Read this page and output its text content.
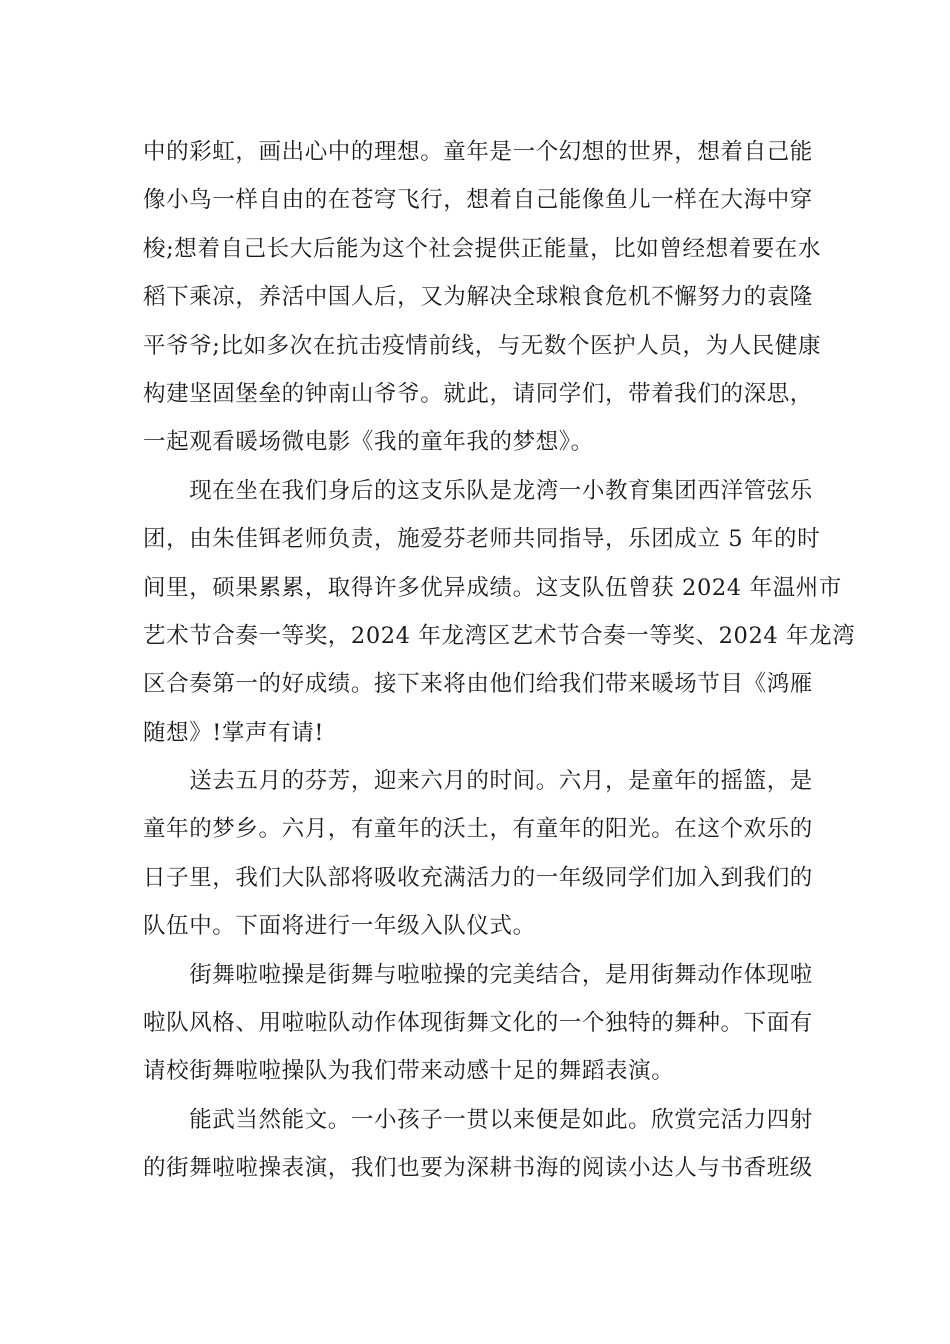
中的彩虹，画出心中的理想。童年是一个幻想的世界，想着自己能
像小鸟一样自由的在苍穹飞行，想着自己能像鱼儿一样在大海中穿
梭;想着自己长大后能为这个社会提供正能量，比如曾经想着要在水
稻下乘凉，养活中国人后，又为解决全球粮食危机不懈努力的袁隆
平爷爷;比如多次在抗击疫情前线，与无数个医护人员，为人民健康
构建坚固堡垒的钟南山爷爷。就此，请同学们，带着我们的深思，
一起观看暖场微电影《我的童年我的梦想》。
　　现在坐在我们身后的这支乐队是龙湾一小教育集团西洋管弦乐
团，由朱佳铒老师负责，施爱芬老师共同指导，乐团成立 5 年的时
间里，硕果累累，取得许多优异成绩。这支队伍曾获 2024 年温州市
艺术节合奏一等奖，2024 年龙湾区艺术节合奏一等奖、2024 年龙湾
区合奏第一的好成绩。接下来将由他们给我们带来暖场节目《鸿雁
随想》!掌声有请!
　　送去五月的芬芳，迎来六月的时间。六月，是童年的摇篮，是
童年的梦乡。六月，有童年的沃土，有童年的阳光。在这个欢乐的
日子里，我们大队部将吸收充满活力的一年级同学们加入到我们的
队伍中。下面将进行一年级入队仪式。
　　街舞啦啦操是街舞与啦啦操的完美结合，是用街舞动作体现啦
啦队风格、用啦啦队动作体现街舞文化的一个独特的舞种。下面有
请校街舞啦啦操队为我们带来动感十足的舞蹈表演。
　　能武当然能文。一小孩子一贯以来便是如此。欣赏完活力四射
的街舞啦啦操表演，我们也要为深耕书海的阅读小达人与书香班级
